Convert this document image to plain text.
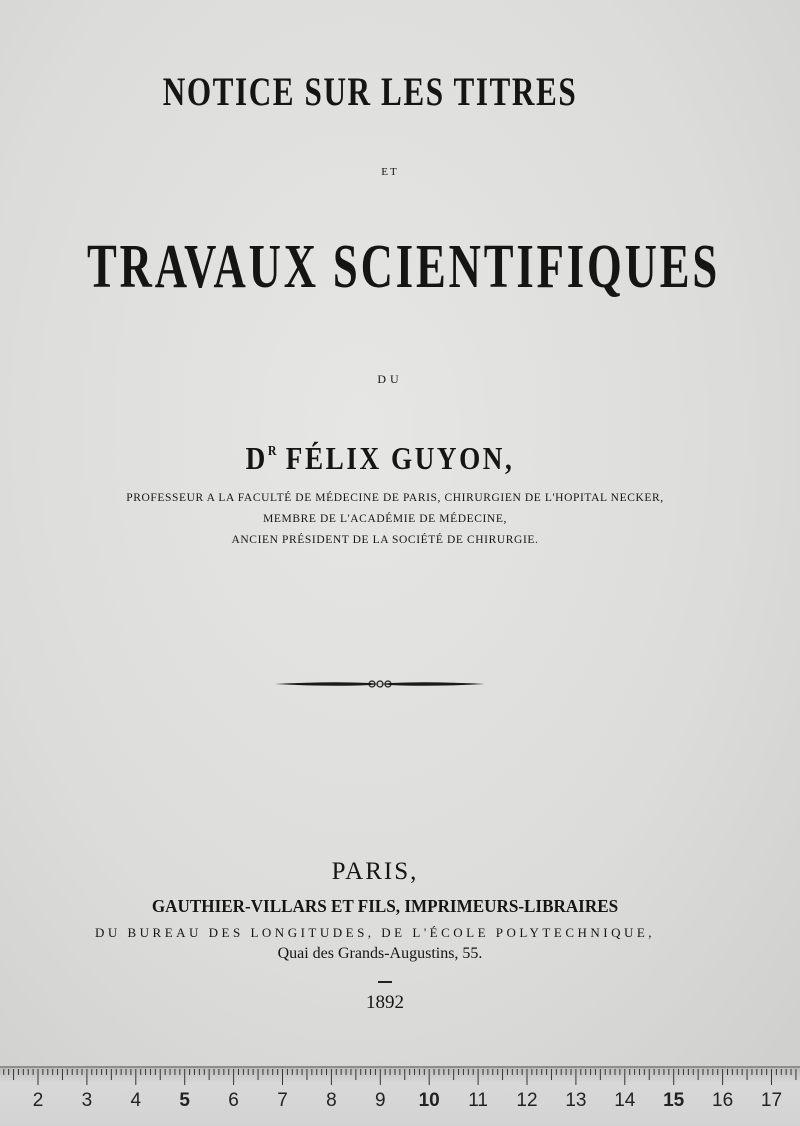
NOTICE SUR LES TITRES
ET
TRAVAUX SCIENTIFIQUES
DU
$D^R$ FÉLIX GUYON,
PROFESSEUR A LA FACULTÉ DE MÉDECINE DE PARIS, CHIRURGIEN DE L'HOPITAL NECKER,
MEMBRE DE L'ACADÉMIE DE MÉDECINE,
ANCIEN PRÉSIDENT DE LA SOCIÉTÉ DE CHIRURGIE.
PARIS,
GAUTHIER-VILLARS ET FILS, IMPRIMEURS-LIBRAIRES
DU BUREAU DES LONGITUDES, DE L'ÉCOLE POLYTECHNIQUE,
Quai des Grands-Augustins, 55.
1892
2 3 4 5 6 7 8 9 10 11 12 13 14 15 16 17
